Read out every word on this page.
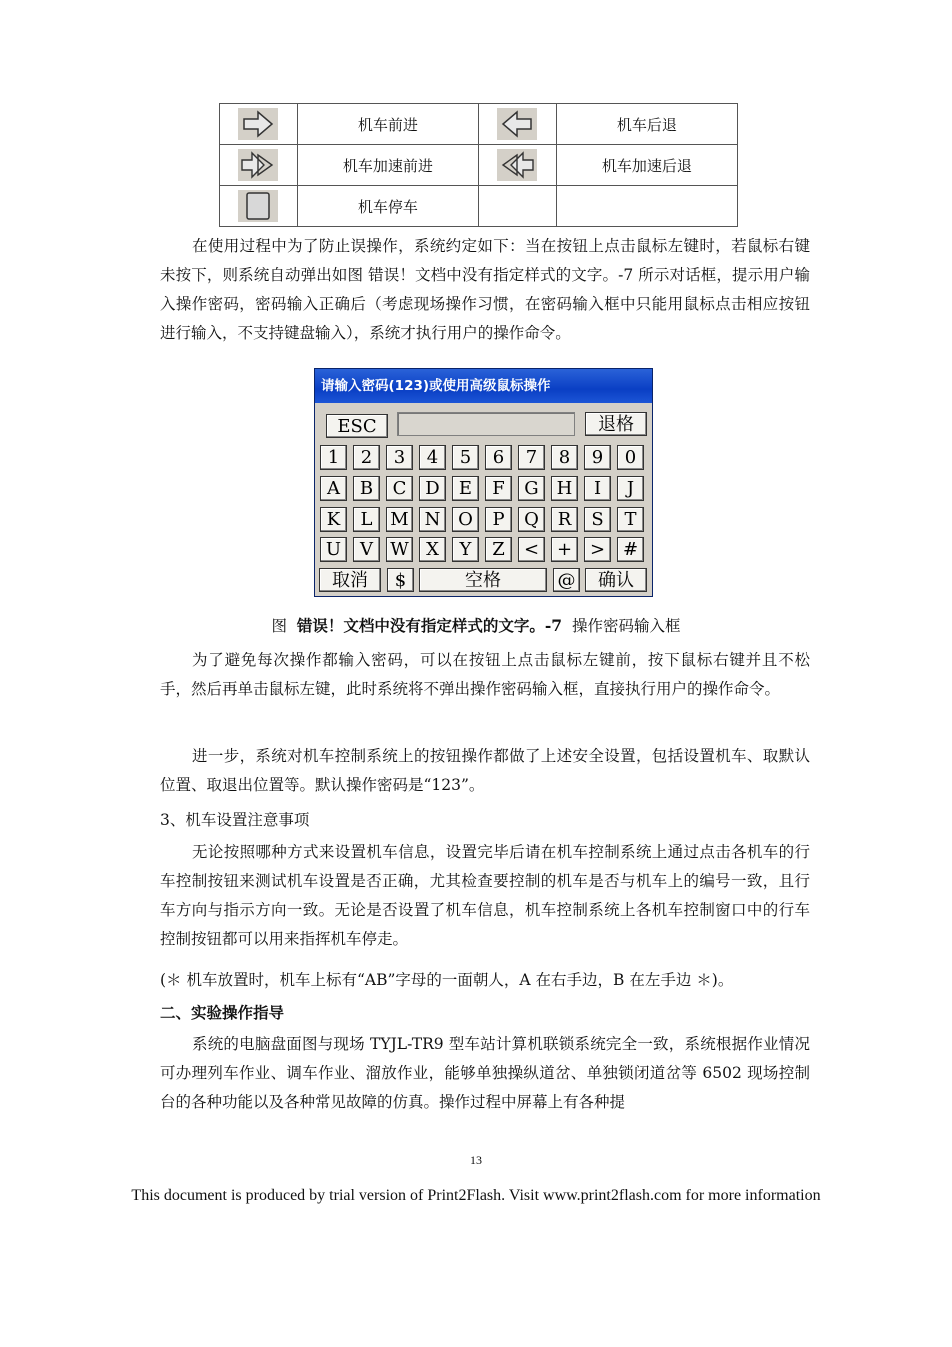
	机车前进		机车后退

	机车加速前进		机车加速后退

	机车停车		

在使用过程中为了防止误操作，系统约定如下：当在按钮上点击鼠标左键时，若鼠标右键未按下，则系统自动弹出如图 错误！文档中没有指定样式的文字。-7 所示对话框，提示用户输入操作密码，密码输入正确后（考虑现场操作习惯，在密码输入框中只能用鼠标点击相应按钮进行输入，不支持键盘输入），系统才执行用户的操作命令。

请输入密码(123)或使用高级鼠标操作
ESC	退格
1	2	3	4	5	6	7	8	9	0
A	B	C	D	E	F	G H	I	J
K	L M N O	P	Q	R	S	T
U	V W X	Y	Z	< + > #
取消	$	空格	@	确认
图 错误！文档中没有指定样式的文字。-7 操作密码输入框

为了避免每次操作都输入密码，可以在按钮上点击鼠标左键前，按下鼠标右键并且不松手，然后再单击鼠标左键，此时系统将不弹出操作密码输入框，直接执行用户的操作命令。

进一步，系统对机车控制系统上的按钮操作都做了上述安全设置，包括设置机车、取默认位置、取退出位置等。默认操作密码是“123”。

3、机车设置注意事项

无论按照哪种方式来设置机车信息，设置完毕后请在机车控制系统上通过点击各机车的行车控制按钮来测试机车设置是否正确，尤其检查要控制的机车是否与机车上的编号一致，且行车方向与指示方向一致。无论是否设置了机车信息，机车控制系统上各机车控制窗口中的行车控制按钮都可以用来指挥机车停走。

(＊ 机车放置时，机车上标有“AB”字母的一面朝人，A 在右手边，B 在左手边 ＊)。

二、实验操作指导

系统的电脑盘面图与现场 TYJL-TR9 型车站计算机联锁系统完全一致，系统根据作业情况可办理列车作业、调车作业、溜放作业，能够单独操纵道岔、单独锁闭道岔等 6502 现场控制台的各种功能以及各种常见故障的仿真。操作过程中屏幕上有各种提

13
This document is produced by trial version of Print2Flash. Visit www.print2flash.com for more information
